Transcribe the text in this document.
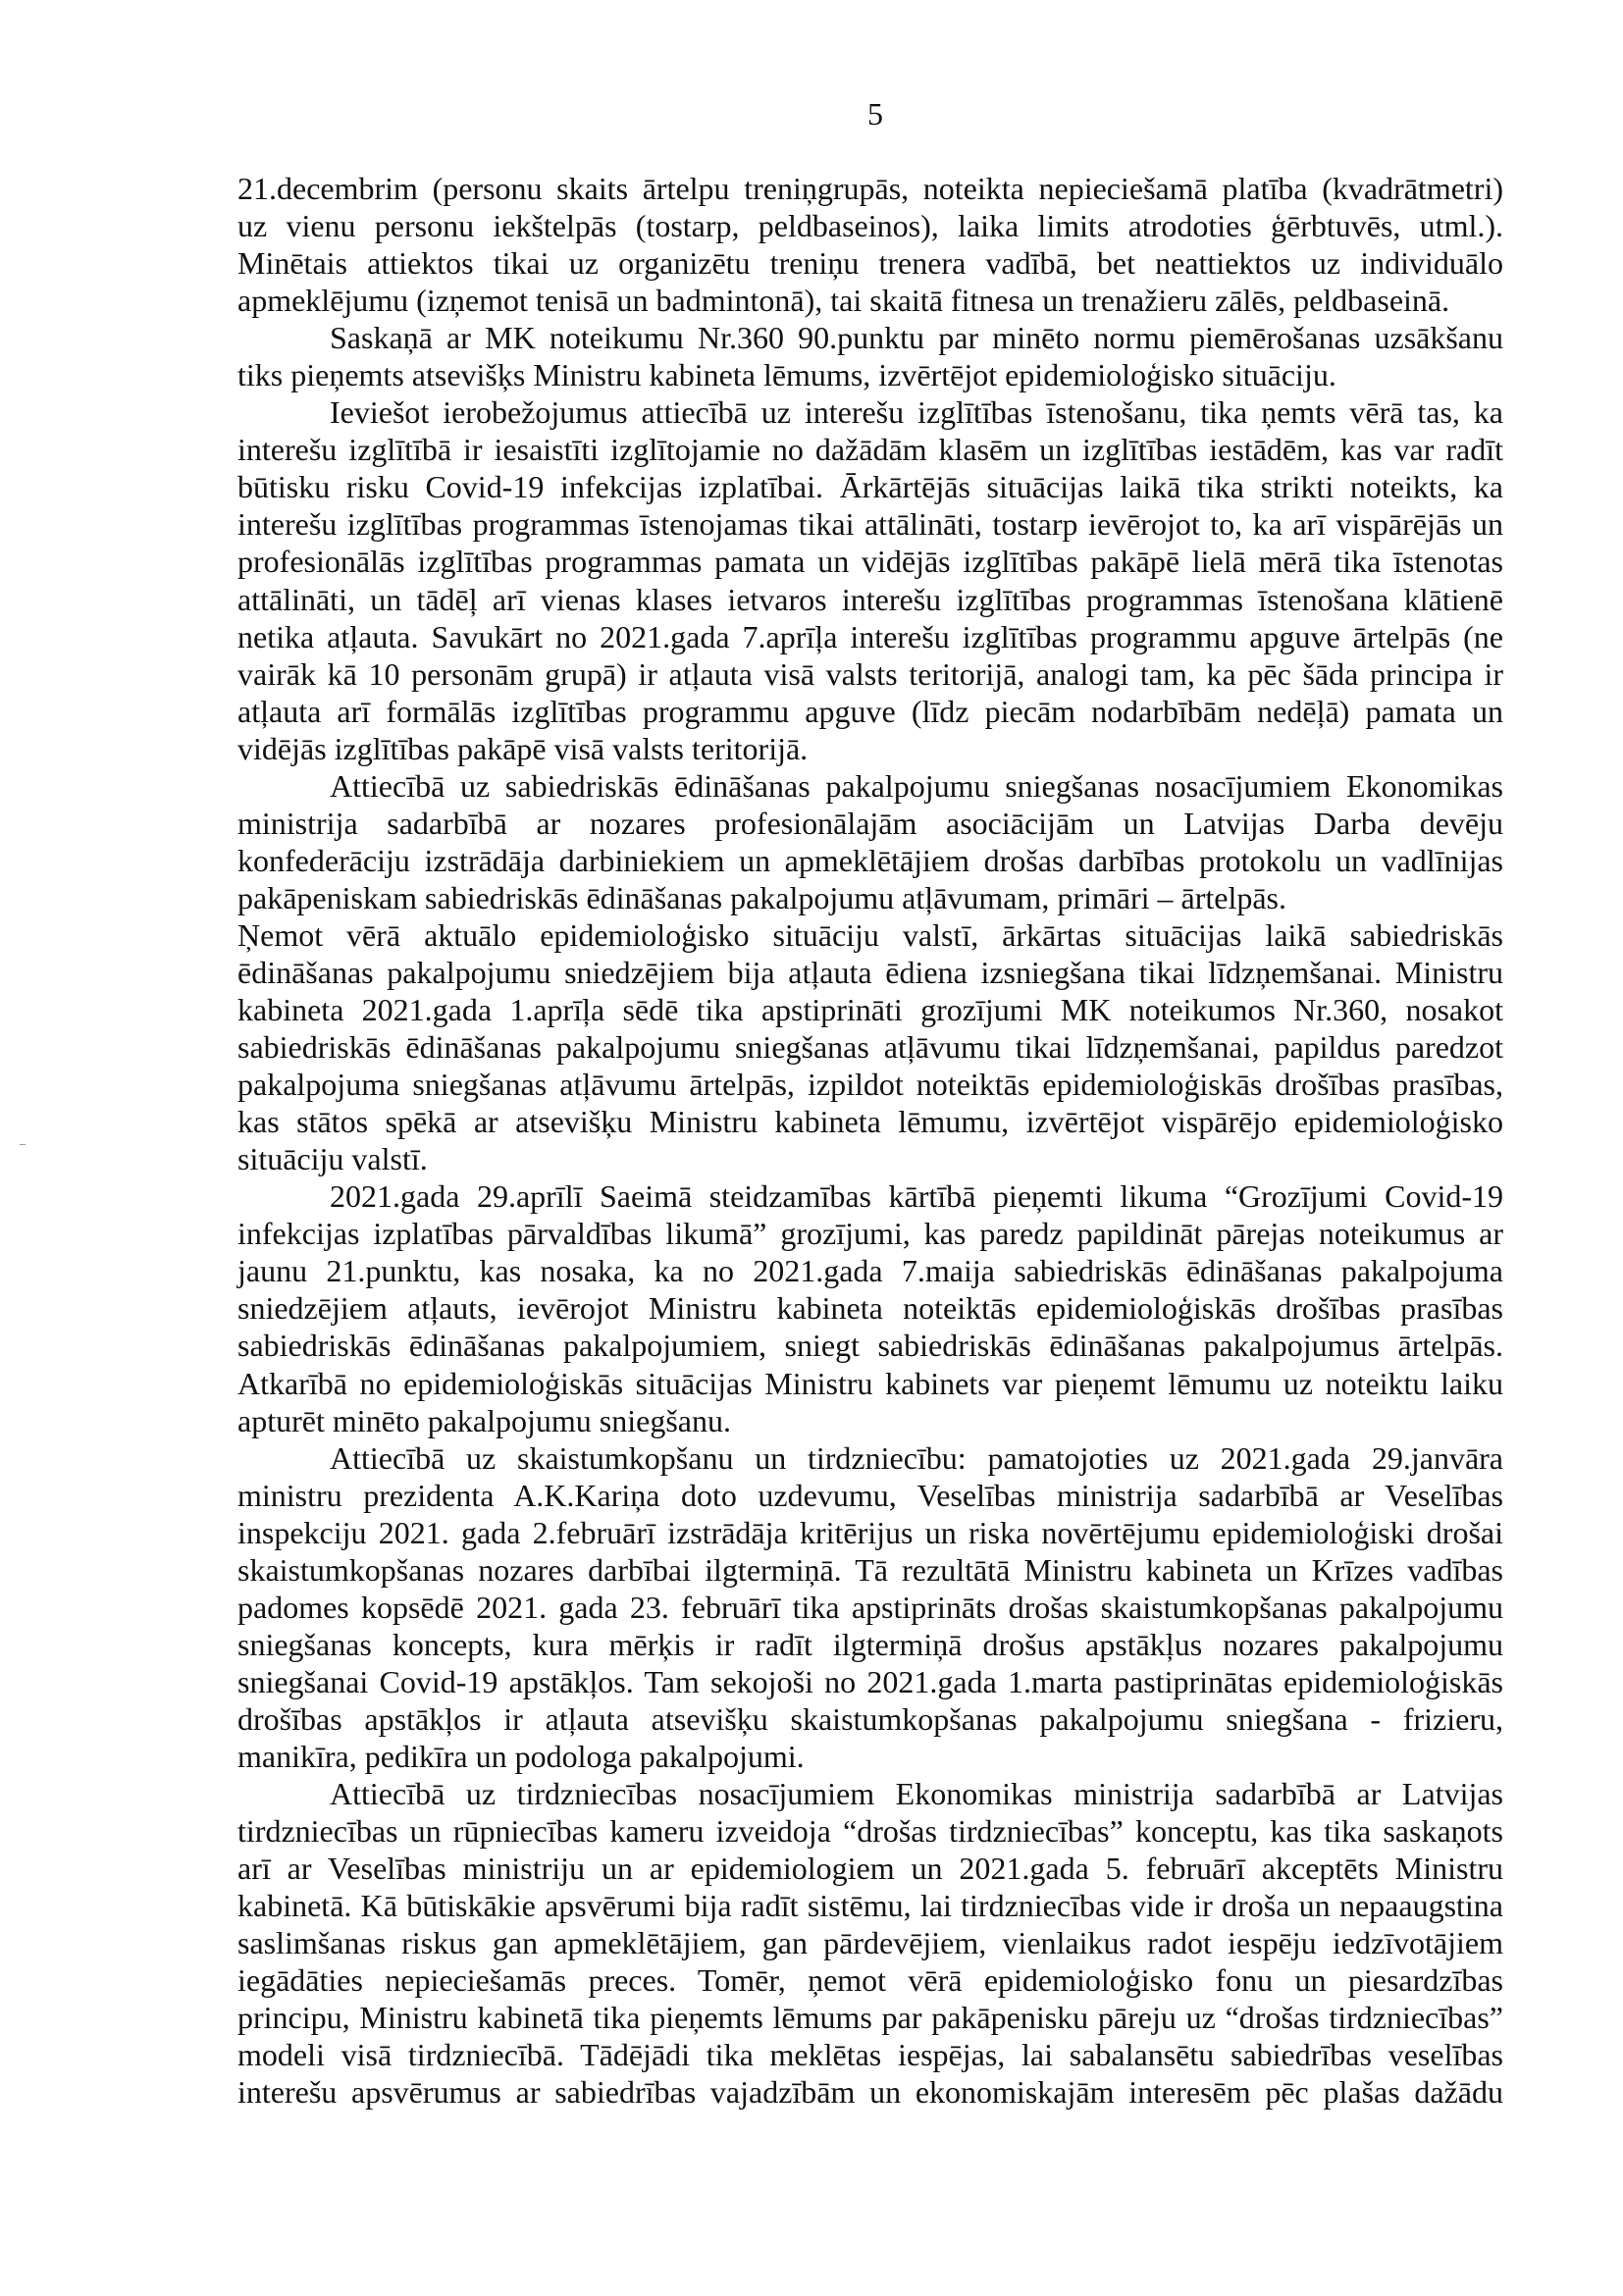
5
21.decembrim (personu skaits ārtelpu treniņgrupās, noteikta nepieciešamā platība (kvadrātmetri)
uz vienu personu iekštelpās (tostarp, peldbaseinos), laika limits atrodoties ģērbtuvēs, utml.).
Minētais attiektos tikai uz organizētu treniņu trenera vadībā, bet neattiektos uz individuālo
apmeklējumu (izņemot tenisā un badmintonā), tai skaitā fitnesa un trenažieru zālēs, peldbaseinā.
Saskaņā ar MK noteikumu Nr.360 90.punktu par minēto normu piemērošanas uzsākšanu
tiks pieņemts atsevišķs Ministru kabineta lēmums, izvērtējot epidemioloģisko situāciju.
Ieviešot ierobežojumus attiecībā uz interešu izglītības īstenošanu, tika ņemts vērā tas, ka
interešu izglītībā ir iesaistīti izglītojamie no dažādām klasēm un izglītības iestādēm, kas var radīt
būtisku risku Covid-19 infekcijas izplatībai. Ārkārtējās situācijas laikā tika strikti noteikts, ka
interešu izglītības programmas īstenojamas tikai attālināti, tostarp ievērojot to, ka arī vispārējās un
profesionālās izglītības programmas pamata un vidējās izglītības pakāpē lielā mērā tika īstenotas
attālināti, un tādēļ arī vienas klases ietvaros interešu izglītības programmas īstenošana klātienē
netika atļauta. Savukārt no 2021.gada 7.aprīļa interešu izglītības programmu apguve ārtelpās (ne
vairāk kā 10 personām grupā) ir atļauta visā valsts teritorijā, analogi tam, ka pēc šāda principa ir
atļauta arī formālās izglītības programmu apguve (līdz piecām nodarbībām nedēļā) pamata un
vidējās izglītības pakāpē visā valsts teritorijā.
Attiecībā uz sabiedriskās ēdināšanas pakalpojumu sniegšanas nosacījumiem Ekonomikas
ministrija sadarbībā ar nozares profesionālajām asociācijām un Latvijas Darba devēju
konfederāciju izstrādāja darbiniekiem un apmeklētājiem drošas darbības protokolu un vadlīnijas
pakāpeniskam sabiedriskās ēdināšanas pakalpojumu atļāvumam, primāri – ārtelpās.
Ņemot vērā aktuālo epidemioloģisko situāciju valstī, ārkārtas situācijas laikā sabiedriskās
ēdināšanas pakalpojumu sniedzējiem bija atļauta ēdiena izsniegšana tikai līdzņemšanai. Ministru
kabineta 2021.gada 1.aprīļa sēdē tika apstiprināti grozījumi MK noteikumos Nr.360, nosakot
sabiedriskās ēdināšanas pakalpojumu sniegšanas atļāvumu tikai līdzņemšanai, papildus paredzot
pakalpojuma sniegšanas atļāvumu ārtelpās, izpildot noteiktās epidemioloģiskās drošības prasības,
kas stātos spēkā ar atsevišķu Ministru kabineta lēmumu, izvērtējot vispārējo epidemioloģisko
situāciju valstī.
2021.gada 29.aprīlī Saeimā steidzamības kārtībā pieņemti likuma “Grozījumi Covid-19
infekcijas izplatības pārvaldības likumā” grozījumi, kas paredz papildināt pārejas noteikumus ar
jaunu 21.punktu, kas nosaka, ka no 2021.gada 7.maija sabiedriskās ēdināšanas pakalpojuma
sniedzējiem atļauts, ievērojot Ministru kabineta noteiktās epidemioloģiskās drošības prasības
sabiedriskās ēdināšanas pakalpojumiem, sniegt sabiedriskās ēdināšanas pakalpojumus ārtelpās.
Atkarībā no epidemioloģiskās situācijas Ministru kabinets var pieņemt lēmumu uz noteiktu laiku
apturēt minēto pakalpojumu sniegšanu.
Attiecībā uz skaistumkopšanu un tirdzniecību: pamatojoties uz 2021.gada 29.janvāra
ministru prezidenta A.K.Kariņa doto uzdevumu, Veselības ministrija sadarbībā ar Veselības
inspekciju 2021. gada 2.februārī izstrādāja kritērijus un riska novērtējumu epidemioloģiski drošai
skaistumkopšanas nozares darbībai ilgtermiņā. Tā rezultātā Ministru kabineta un Krīzes vadības
padomes kopsēdē 2021. gada 23. februārī tika apstiprināts drošas skaistumkopšanas pakalpojumu
sniegšanas koncepts, kura mērķis ir radīt ilgtermiņā drošus apstākļus nozares pakalpojumu
sniegšanai Covid-19 apstākļos. Tam sekojoši no 2021.gada 1.marta pastiprinātas epidemioloģiskās
drošības apstākļos ir atļauta atsevišķu skaistumkopšanas pakalpojumu sniegšana - frizieru,
manikīra, pedikīra un podologa pakalpojumi.
Attiecībā uz tirdzniecības nosacījumiem Ekonomikas ministrija sadarbībā ar Latvijas
tirdzniecības un rūpniecības kameru izveidoja “drošas tirdzniecības” konceptu, kas tika saskaņots
arī ar Veselības ministriju un ar epidemiologiem un 2021.gada 5. februārī akceptēts Ministru
kabinetā. Kā būtiskākie apsvērumi bija radīt sistēmu, lai tirdzniecības vide ir droša un nepaaugstina
saslimšanas riskus gan apmeklētājiem, gan pārdevējiem, vienlaikus radot iespēju iedzīvotājiem
iegādāties nepieciešamās preces. Tomēr, ņemot vērā epidemioloģisko fonu un piesardzības
principu, Ministru kabinetā tika pieņemts lēmums par pakāpenisku pāreju uz “drošas tirdzniecības”
modeli visā tirdzniecībā. Tādējādi tika meklētas iespējas, lai sabalansētu sabiedrības veselības
interešu apsvērumus ar sabiedrības vajadzībām un ekonomiskajām interesēm pēc plašas dažādu
